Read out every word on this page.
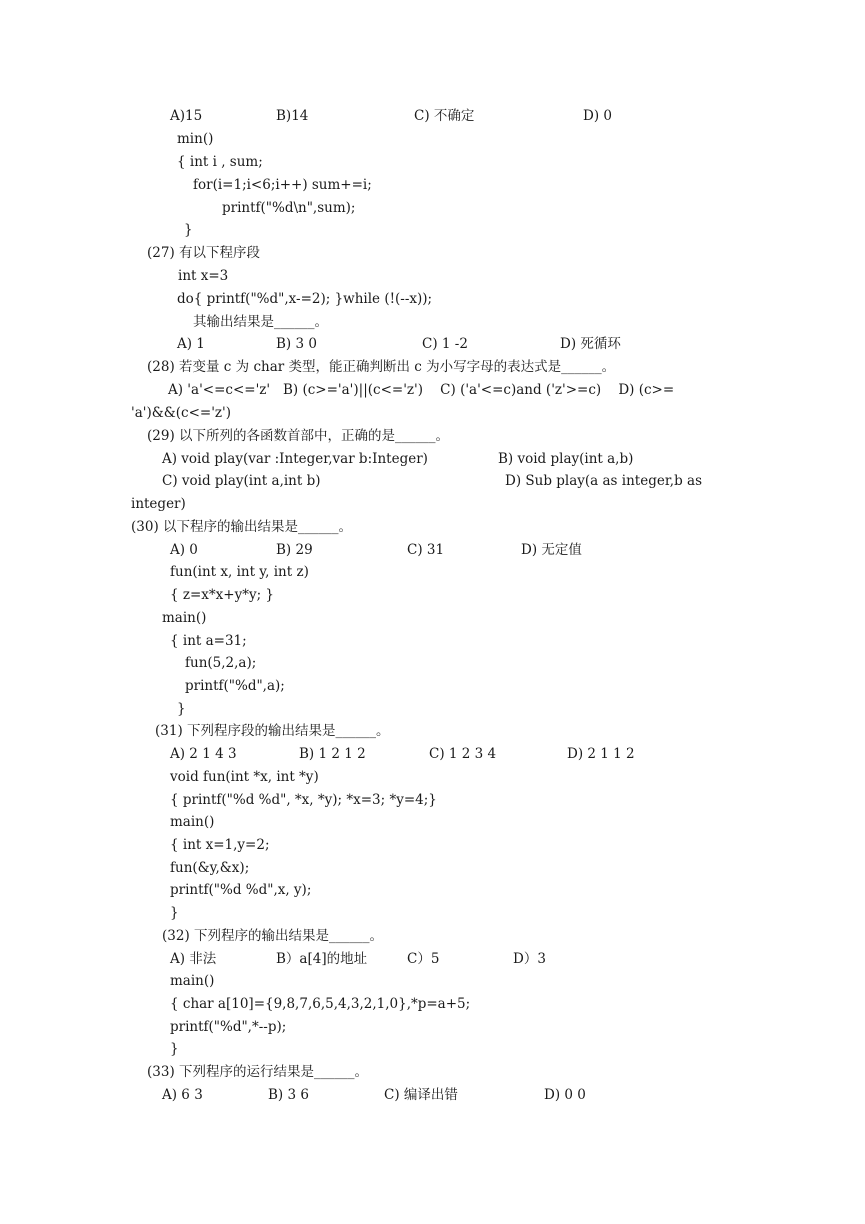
A)15	B)14	C) 不确定	D) 0
min()
{ int i , sum;
for(i=1;i<6;i++) sum+=i;
printf("%d\n",sum);
}
(27) 有以下程序段
int x=3
do{ printf("%d",x-=2); }while (!(--x));
其输出结果是______。
A) 1	B) 3 0	C) 1 -2	D) 死循环
(28) 若变量 c 为 char 类型，能正确判断出 c 为小写字母的表达式是______。
A) 'a'<=c<='z'   B) (c>='a')||(c<='z')    C) ('a'<=c)and ('z'>=c)    D) (c>=
'a')&&(c<='z')
(29) 以下所列的各函数首部中，正确的是______。
A) void play(var :Integer,var b:Integer)	B) void play(int a,b)
C) void play(int a,int b)	D) Sub play(a as integer,b as
integer)
(30) 以下程序的输出结果是______。
A) 0	B) 29	C) 31	D) 无定值
fun(int x, int y, int z)
{ z=x*x+y*y; }
main()
{ int a=31;
fun(5,2,a);
printf("%d",a);
}
(31) 下列程序段的输出结果是______。
A) 2 1 4 3	B) 1 2 1 2	C) 1 2 3 4	D) 2 1 1 2
void fun(int *x, int *y)
{ printf("%d %d", *x, *y); *x=3; *y=4;}
main()
{ int x=1,y=2;
fun(&y,&x);
printf("%d %d",x, y);
}
(32) 下列程序的输出结果是______。
A) 非法	B）a[4]的地址	C）5	D）3
main()
{ char a[10]={9,8,7,6,5,4,3,2,1,0},*p=a+5;
printf("%d",*--p);
}
(33) 下列程序的运行结果是______。
A) 6 3	B) 3 6	C) 编译出错	D) 0 0
